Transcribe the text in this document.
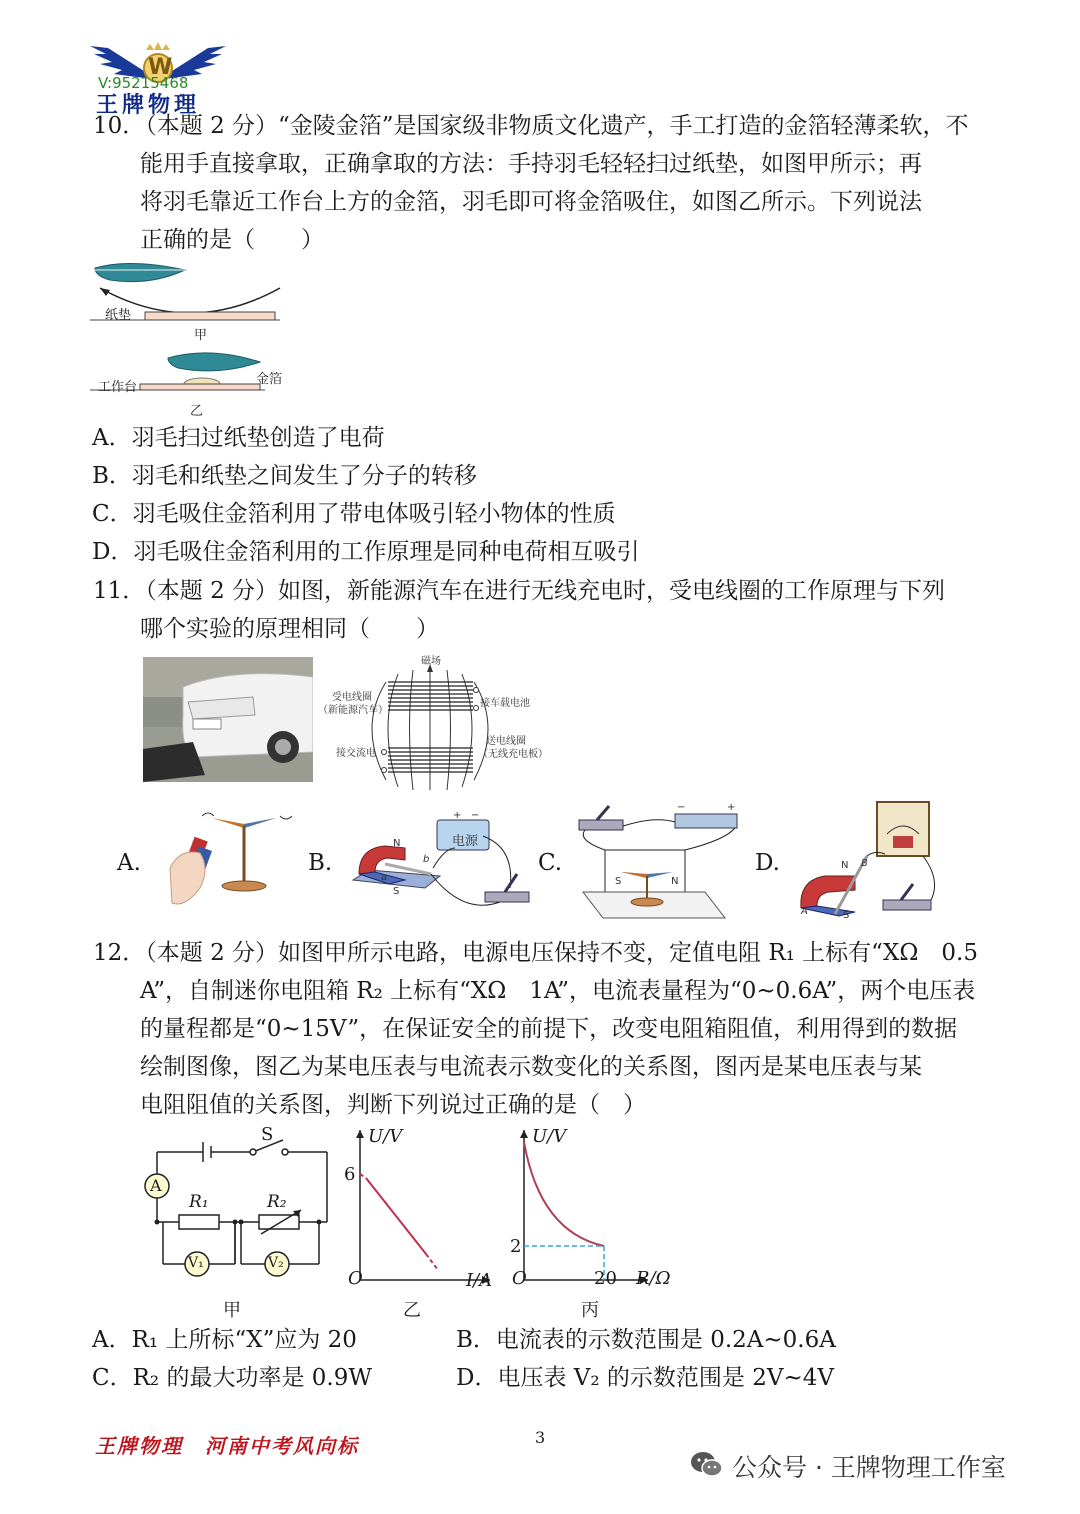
W
V:95215468
王牌物理
10．（本题 2 分）“金陵金箔”是国家级非物质文化遗产，手工打造的金箔轻薄柔软，不
能用手直接拿取，正确拿取的方法：手持羽毛轻轻扫过纸垫，如图甲所示；再
将羽毛靠近工作台上方的金箔，羽毛即可将金箔吸住，如图乙所示。下列说法
正确的是（　　）
纸垫
甲
工作台
金箔
乙
A．羽毛扫过纸垫创造了电荷
B．羽毛和纸垫之间发生了分子的转移
C．羽毛吸住金箔利用了带电体吸引轻小物体的性质
D．羽毛吸住金箔利用的工作原理是同种电荷相互吸引
11．（本题 2 分）如图，新能源汽车在进行无线充电时，受电线圈的工作原理与下列
哪个实验的原理相同（　　）
磁场
受电线圈
（新能源汽车）
接车载电池
接交流电
送电线圈
（无线充电板）
A.	B.
电源
+ −
N
S
a
b	C.
S	N
+
−
D.	N B
A	S
12．（本题 2 分）如图甲所示电路，电源电压保持不变，定值电阻 R₁ 上标有“XΩ　0.5
A”，自制迷你电阻箱 R₂ 上标有“XΩ　1A”，电流表量程为“0~0.6A”，两个电压表
的量程都是“0~15V”，在保证安全的前提下，改变电阻箱阻值，利用得到的数据
绘制图像，图乙为某电压表与电流表示数变化的关系图，图丙是某电压表与某
电阻阻值的关系图，判断下列说过正确的是（　）
S
A
R₁	R₂
V₁	V₂
甲
U/V
6
O	I/A
乙
U/V
2
O	20 R/Ω
丙
A．R₁ 上所标“X”应为 20	B．电流表的示数范围是 0.2A~0.6A
C．R₂ 的最大功率是 0.9W	D．电压表 V₂ 的示数范围是 2V~4V
王牌物理　河南中考风向标	3
公众号 · 王牌物理工作室
